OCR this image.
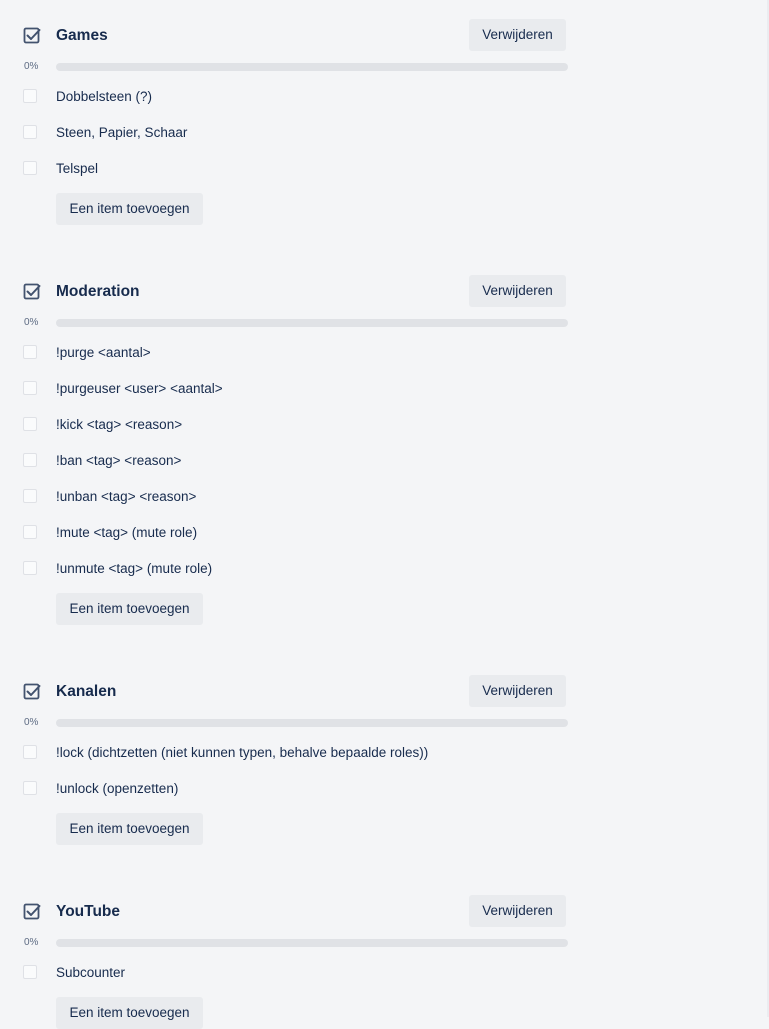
Games	Verwijderen
0%
Dobbelsteen (?)
Steen, Papier, Schaar
Telspel
Een item toevoegen
Moderation	Verwijderen
0%
!purge <aantal>
!purgeuser <user> <aantal>
!kick <tag> <reason>
!ban <tag> <reason>
!unban <tag> <reason>
!mute <tag> (mute role)
!unmute <tag> (mute role)
Een item toevoegen
Kanalen	Verwijderen
0%
!lock (dichtzetten (niet kunnen typen, behalve bepaalde roles))
!unlock (openzetten)
Een item toevoegen
YouTube	Verwijderen
0%
Subcounter
Een item toevoegen
